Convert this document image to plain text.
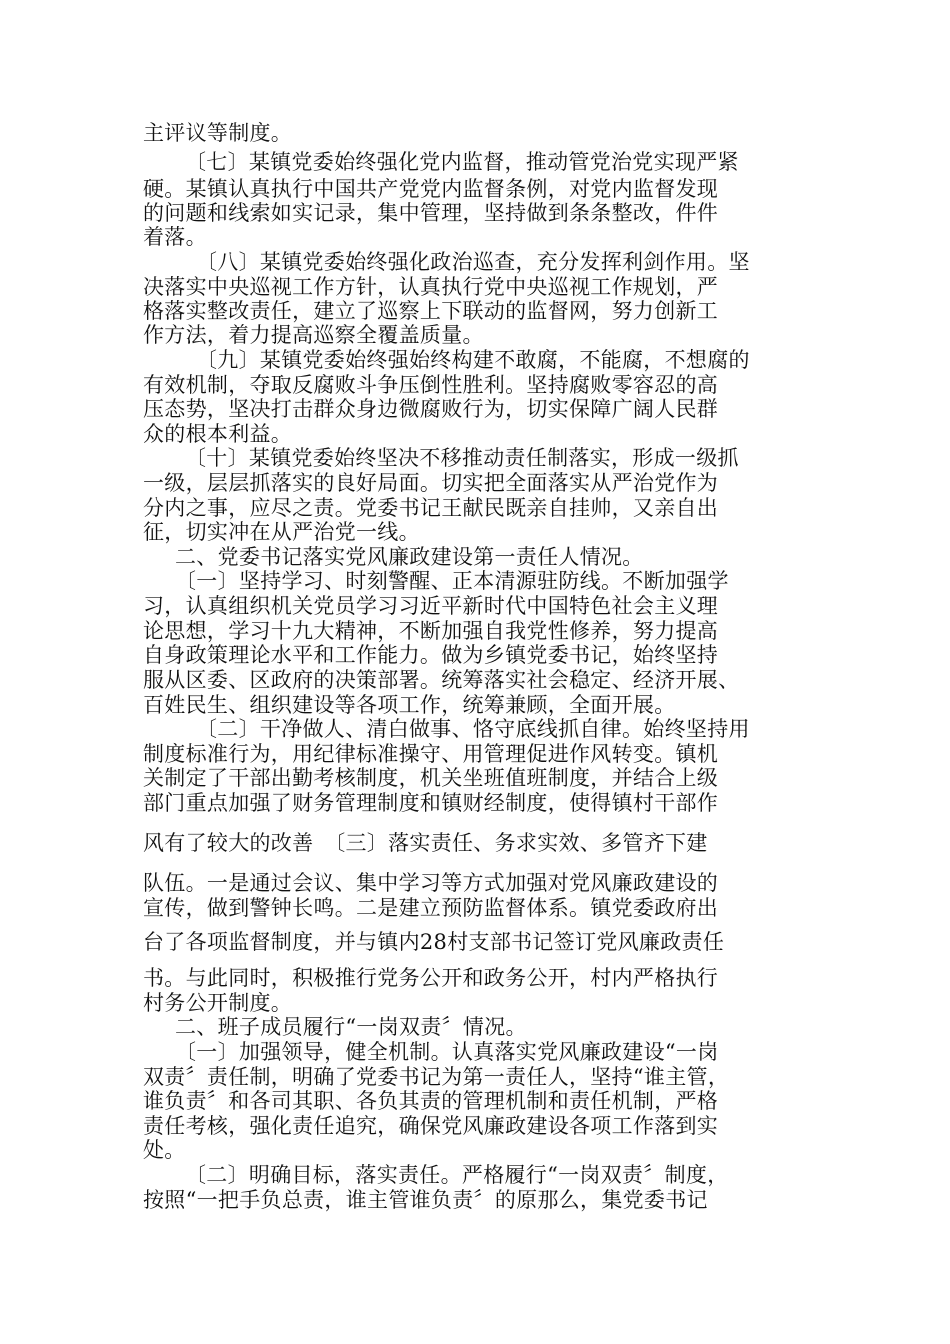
主评议等制度。

〔七〕某镇党委始终强化党内监督，推动管党治党实现严紧

硬。某镇认真执行中国共产党党内监督条例，对党内监督发现

的问题和线索如实记录，集中管理，坚持做到条条整改，件件

着落。

〔八〕某镇党委始终强化政治巡查，充分发挥利剑作用。坚

决落实中央巡视工作方针，认真执行党中央巡视工作规划，严

格落实整改责任，建立了巡察上下联动的监督网，努力创新工

作方法，着力提高巡察全覆盖质量。

〔九〕某镇党委始终强始终构建不敢腐，不能腐，不想腐的

有效机制，夺取反腐败斗争压倒性胜利。坚持腐败零容忍的高

压态势，坚决打击群众身边微腐败行为，切实保障广阔人民群

众的根本利益。

〔十〕某镇党委始终坚决不移推动责任制落实，形成一级抓

一级，层层抓落实的良好局面。切实把全面落实从严治党作为

分内之事，应尽之责。党委书记王献民既亲自挂帅，又亲自出

征，切实冲在从严治党一线。

二、党委书记落实党风廉政建设第一责任人情况。

〔一〕坚持学习、时刻警醒、正本清源驻防线。不断加强学

习，认真组织机关党员学习习近平新时代中国特色社会主义理

论思想，学习十九大精神，不断加强自我党性修养，努力提高

自身政策理论水平和工作能力。做为乡镇党委书记，始终坚持

服从区委、区政府的决策部署。统筹落实社会稳定、经济开展、

百姓民生、组织建设等各项工作，统筹兼顾，全面开展。

〔二〕干净做人、清白做事、恪守底线抓自律。始终坚持用

制度标准行为，用纪律标准操守、用管理促进作风转变。镇机

关制定了干部出勤考核制度，机关坐班值班制度，并结合上级

部门重点加强了财务管理制度和镇财经制度，使得镇村干部作

风有了较大的改善　〔三〕落实责任、务求实效、多管齐下建

队伍。一是通过会议、集中学习等方式加强对党风廉政建设的

宣传，做到警钟长鸣。二是建立预防监督体系。镇党委政府出

台了各项监督制度，并与镇内28村支部书记签订党风廉政责任

书。与此同时，积极推行党务公开和政务公开，村内严格执行

村务公开制度。

二、班子成员履行“一岗双责〞情况。

〔一〕加强领导，健全机制。认真落实党风廉政建设“一岗

双责〞责任制，明确了党委书记为第一责任人，坚持“谁主管，

谁负责〞和各司其职、各负其责的管理机制和责任机制，严格

责任考核，强化责任追究，确保党风廉政建设各项工作落到实

处。

〔二〕明确目标，落实责任。严格履行“一岗双责〞制度，

按照“一把手负总责，谁主管谁负责〞的原那么，集党委书记
